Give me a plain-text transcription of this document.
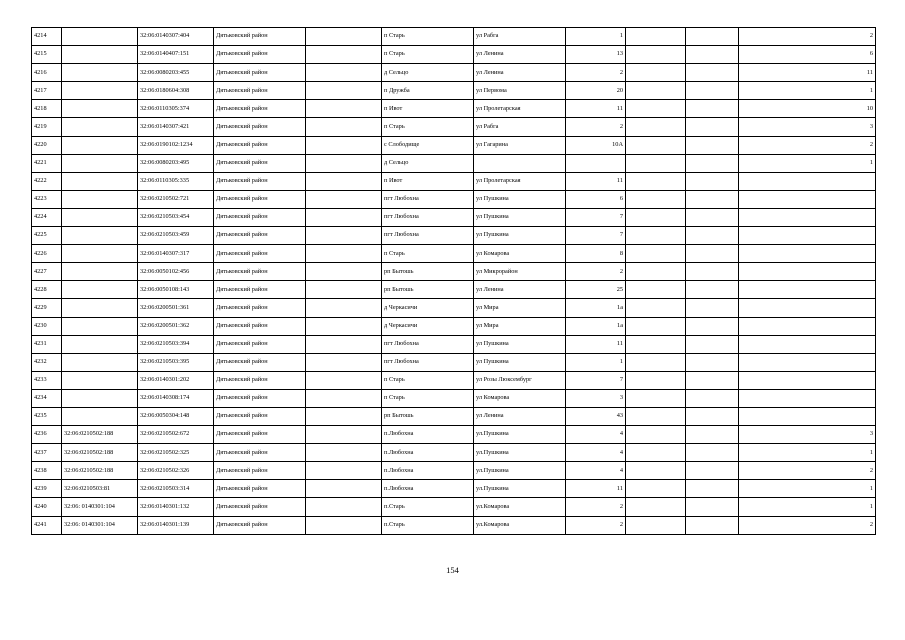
4214		32:06:0140307:404	Дятьковский район		п Старь	ул Рабга	1			2
4215		32:06:0140407:151	Дятьковский район		п Старь	ул Ленина	13			6
4216		32:06:0080203:455	Дятьковский район		д Сельцо	ул Ленина	2			11
4217		32:06:0180604:308	Дятьковский район		п Дружба	ул Первома	20			1
4218		32:06:0110305:374	Дятьковский район		п Ивот	ул Пролетарская	11			10
4219		32:06:0140307:421	Дятьковский район		п Старь	ул Рабга	2			3
4220		32:06:0190102:1234	Дятьковский район		с Слободище	ул Гагарина	10А			2
4221		32:06:0080203:495	Дятьковский район		д Сельцо					1
4222		32:06:0110305:335	Дятьковский район		п Ивот	ул Пролетарская	11			
4223		32:06:0210502:721	Дятьковский район		пгт Любохна	ул Пушкина	6			
4224		32:06:0210503:454	Дятьковский район		пгт Любохна	ул Пушкина	7			
4225		32:06:0210503:459	Дятьковский район		пгт Любохна	ул Пушкина	7			
4226		32:06:0140307:317	Дятьковский район		п Старь	ул Комарова	8			
4227		32:06:0050102:456	Дятьковский район		рп Бытошь	ул Микрорайон	2			
4228		32:06:0050108:143	Дятьковский район		рп Бытошь	ул Ленина	25			
4229		32:06:0200501:361	Дятьковский район		д Черкасичи	ул Мира	1а			
4230		32:06:0200501:362	Дятьковский район		д Черкасичи	ул Мира	1а			
4231		32:06:0210503:394	Дятьковский район		пгт Любохна	ул Пушкина	11			
4232		32:06:0210503:395	Дятьковский район		пгт Любохна	ул Пушкина	1			
4233		32:06:0140301:202	Дятьковский район		п Старь	ул Розы Люксембург	7			
4234		32:06:0140308:174	Дятьковский район		п Старь	ул Комарова	3			
4235		32:06:0050304:148	Дятьковский район		рп Бытошь	ул Ленина	43			
4236	32:06:0210502:188	32:06:0210502:672	Дятьковский район		п.Любохна	ул.Пушкина	4			3
4237	32:06:0210502:188	32:06:0210502:325	Дятьковский район		п.Любохна	ул.Пушкина	4			1
4238	32:06:0210502:188	32:06:0210502:326	Дятьковский район		п.Любохна	ул.Пушкина	4			2
4239	32:06:0210503:81	32:06:0210503:314	Дятьковский район		п.Любохна	ул.Пушкина	11			1
4240	32:06: 0140301:104	32:06:0140301:132	Дятьковский район		п.Старь	ул.Комарова	2			1
4241	32:06: 0140301:104	32:06:0140301:139	Дятьковский район		п.Старь	ул.Комарова	2			2
154
